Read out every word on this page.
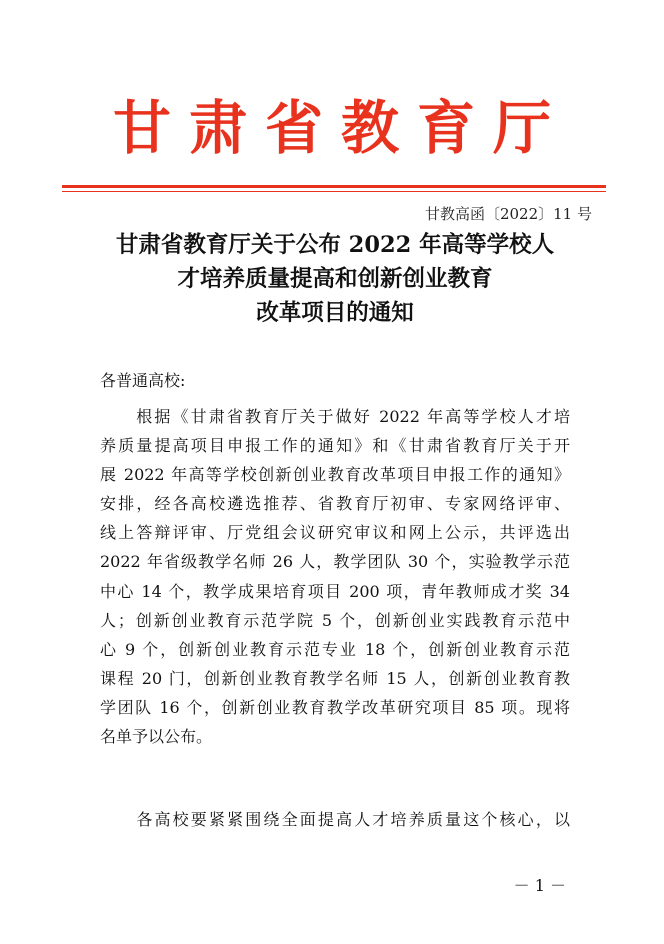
甘肃省教育厅
甘教高函〔2022〕11 号
甘肃省教育厅关于公布 2022 年高等学校人
才培养质量提高和创新创业教育
改革项目的通知
各普通高校:
　　根据《甘肃省教育厅关于做好 2022 年高等学校人才培
养质量提高项目申报工作的通知》和《甘肃省教育厅关于开
展 2022 年高等学校创新创业教育改革项目申报工作的通知》
安排，经各高校遴选推荐、省教育厅初审、专家网络评审、
线上答辩评审、厅党组会议研究审议和网上公示，共评选出
2022 年省级教学名师 26 人，教学团队 30 个，实验教学示范
中心 14 个，教学成果培育项目 200 项，青年教师成才奖 34
人；创新创业教育示范学院 5 个，创新创业实践教育示范中
心 9 个，创新创业教育示范专业 18 个，创新创业教育示范
课程 20 门，创新创业教育教学名师 15 人，创新创业教育教
学团队 16 个，创新创业教育教学改革研究项目 85 项。现将
名单予以公布。
　　各高校要紧紧围绕全面提高人才培养质量这个核心，以
－ 1 －
